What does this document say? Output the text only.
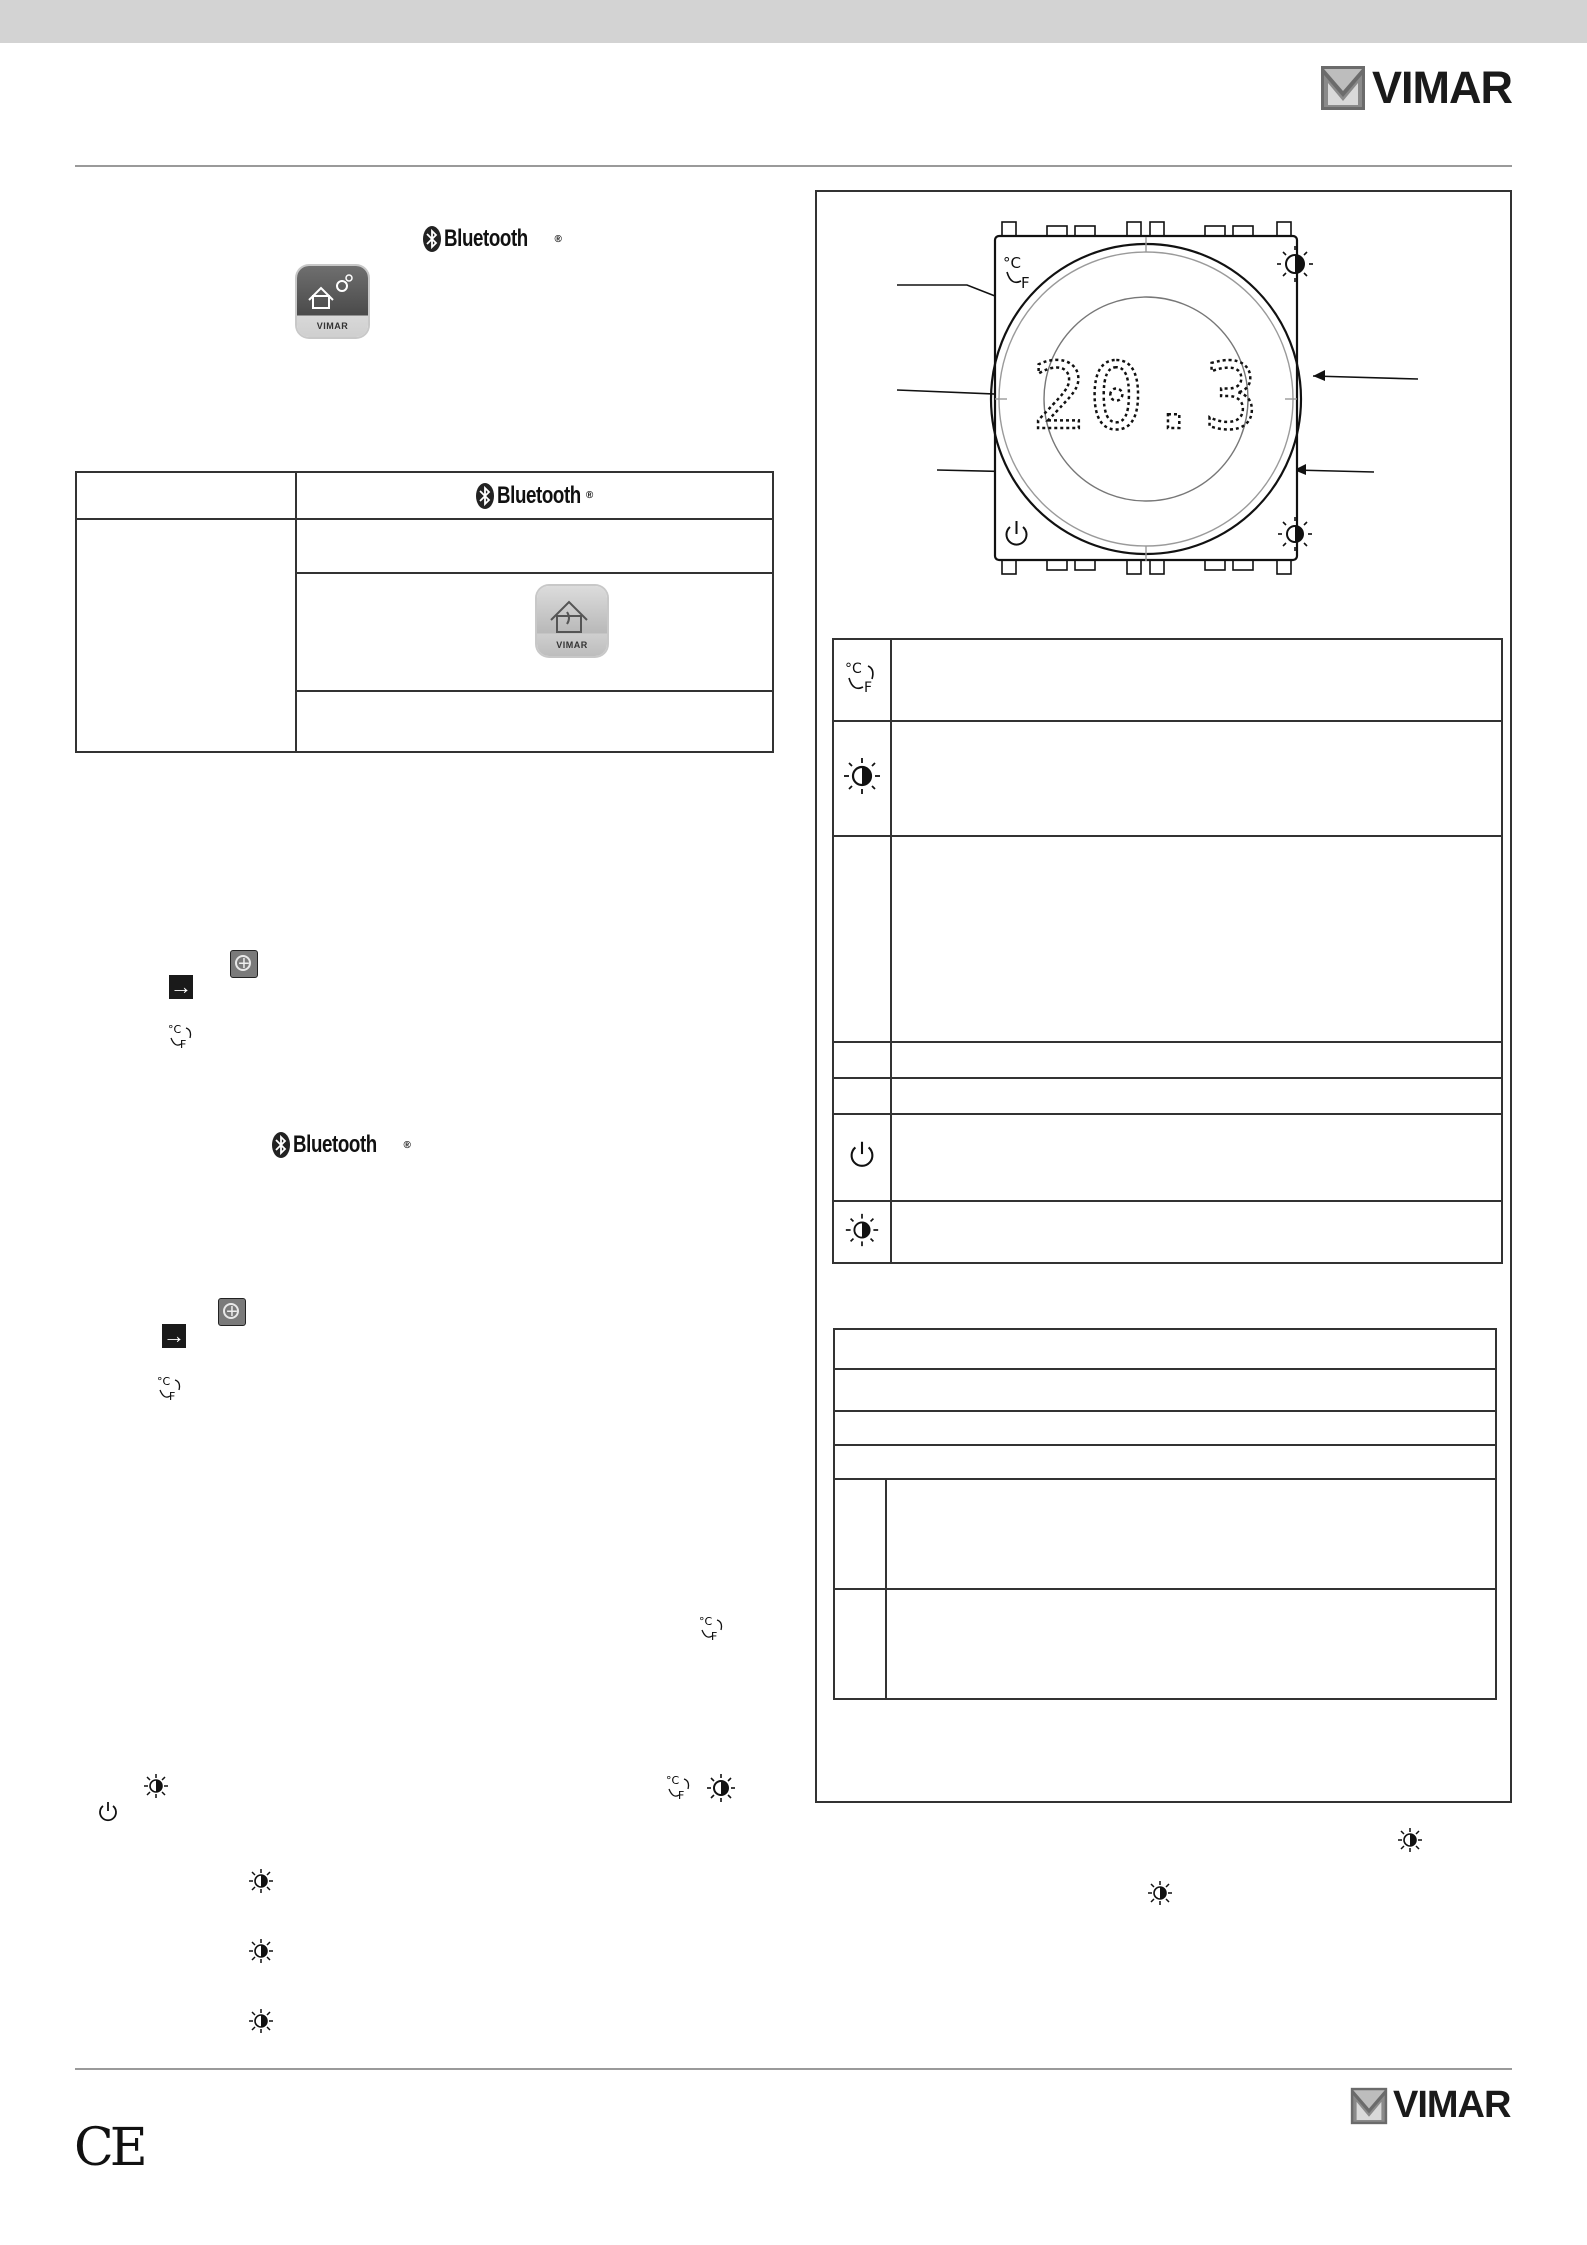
VIMAR
Bluetooth	®
VIMAR

	Bluetooth ®

	VIMAR

+
→
°C
F
Bluetooth	®
+
→
°C
F
°C
F
°C
F
20.3
°C
F
°C
F	

CE
VIMAR
